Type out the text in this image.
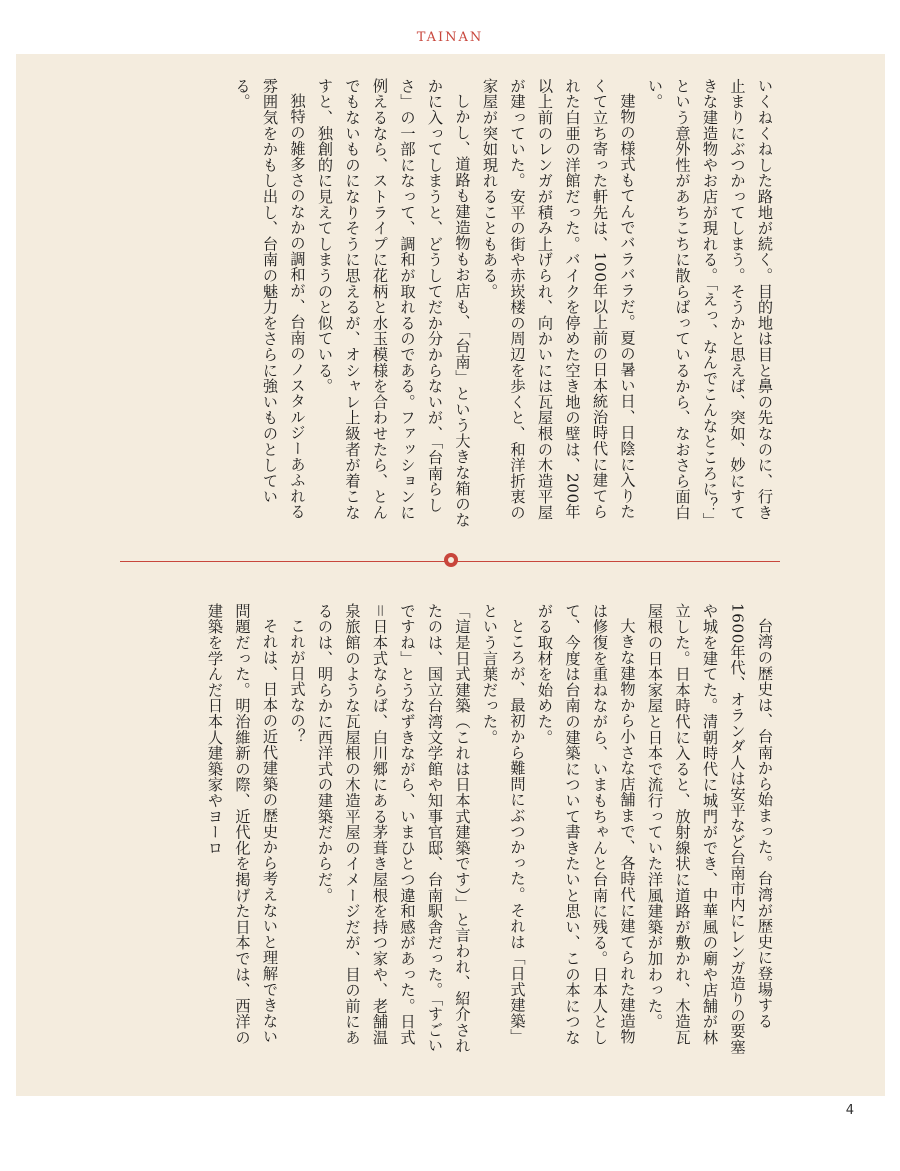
TAINAN

いくねくねした路地が続く。目的地は目と鼻の先なのに、行き止まりにぶつかってしまう。そうかと思えば、突如、妙にすてきな建造物やお店が現れる。「えっ、なんでこんなところに？」という意外性があちこちに散らばっているから、なおさら面白い。

建物の様式もてんでバラバラだ。夏の暑い日、日陰に入りたくて立ち寄った軒先は、100年以上前の日本統治時代に建てられた白亜の洋館だった。バイクを停めた空き地の壁は、200年以上前のレンガが積み上げられ、向かいには瓦屋根の木造平屋が建っていた。安平の街や赤崁楼の周辺を歩くと、和洋折衷の家屋が突如現れることもある。

しかし、道路も建造物もお店も、「台南」という大きな箱のなかに入ってしまうと、どうしてだか分からないが、「台南らしさ」の一部になって、調和が取れるのである。ファッションに例えるなら、ストライプに花柄と水玉模様を合わせたら、とんでもないものになりそうに思えるが、オシャレ上級者が着こなすと、独創的に見えてしまうのと似ている。

独特の雑多さのなかの調和が、台南のノスタルジーあふれる雰囲気をかもし出し、台南の魅力をさらに強いものとしている。

台湾の歴史は、台南から始まった。台湾が歴史に登場する1600年代、オランダ人は安平など台南市内にレンガ造りの要塞や城を建てた。清朝時代に城門ができ、中華風の廟や店舗が林立した。日本時代に入ると、放射線状に道路が敷かれ、木造瓦屋根の日本家屋と日本で流行っていた洋風建築が加わった。

大きな建物から小さな店舗まで、各時代に建てられた建造物は修復を重ねながら、いまもちゃんと台南に残る。日本人として、今度は台南の建築について書きたいと思い、この本につながる取材を始めた。

ところが、最初から難問にぶつかった。それは「日式建築」という言葉だった。

「這是日式建築（これは日本式建築です）」と言われ、紹介されたのは、国立台湾文学館や知事官邸、台南駅舎だった。「すごいですね」とうなずきながら、いまひとつ違和感があった。日式＝日本式ならば、白川郷にある茅葺き屋根を持つ家や、老舗温泉旅館のような瓦屋根の木造平屋のイメージだが、目の前にあるのは、明らかに西洋式の建築だからだ。

これが日式なの？

それは、日本の近代建築の歴史から考えないと理解できない問題だった。明治維新の際、近代化を掲げた日本では、西洋の建築を学んだ日本人建築家やヨーロ

4
